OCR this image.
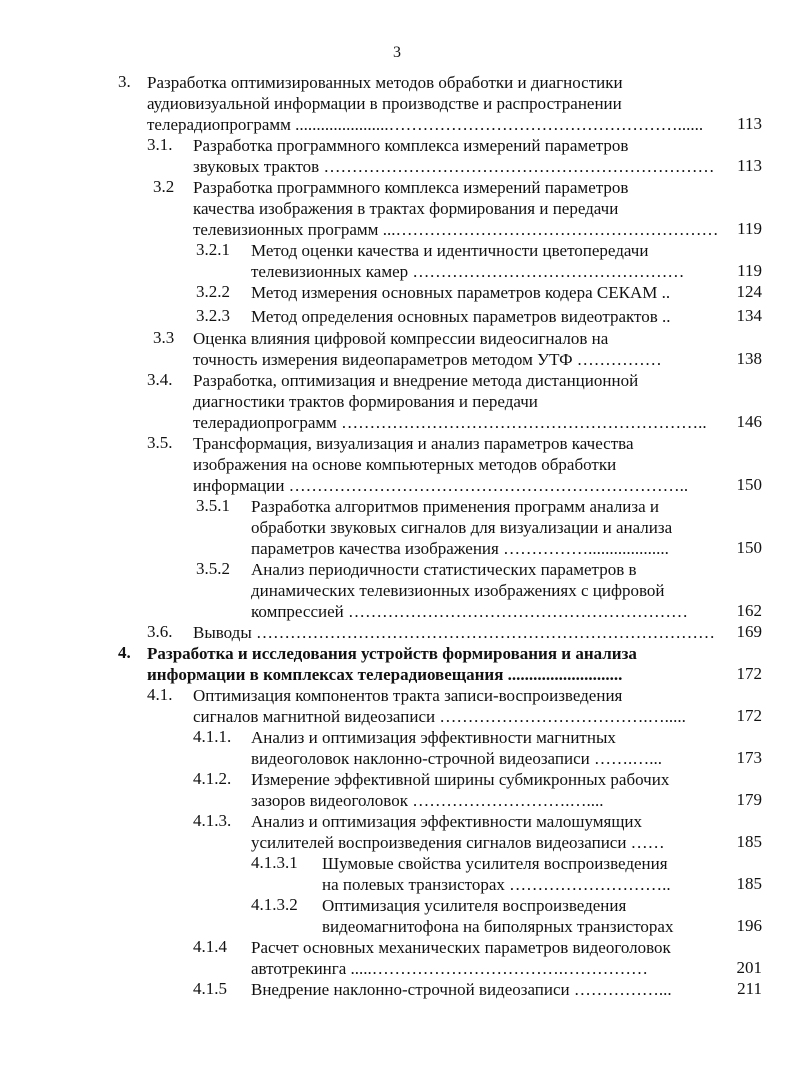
3
3. Разработка оптимизированных методов обработки и диагностики
аудиовизуальной информации в производстве и распространении
телерадиопрограмм ......................……………………………………………...... 113
3.1. Разработка программного комплекса измерений параметров
звуковых трактов …………………………………………………………… 113
3.2 Разработка программного комплекса измерений параметров
качества изображения в трактах формирования и передачи
телевизионных программ ...………………………………………………… 119
3.2.1 Метод оценки качества и идентичности цветопередачи
телевизионных камер …………………………………………	119
3.2.2 Метод измерения основных параметров кодера СЕКАМ ..	124
3.2.3 Метод определения основных параметров видеотрактов ..	134
3.3 Оценка влияния цифровой компрессии видеосигналов на
точность измерения видеопараметров методом УТФ ……………	138
3.4. Разработка, оптимизация и внедрение метода дистанционной
диагностики трактов формирования и передачи
телерадиопрограмм ……………………………………………………….. 146
3.5. Трансформация, визуализация и анализ параметров качества
изображения на основе компьютерных методов обработки
информации ……………………………………………………………..	150
3.5.1 Разработка алгоритмов применения программ анализа и
обработки звуковых сигналов для визуализации и анализа
параметров качества изображения ……………...................	150
3.5.2 Анализ периодичности статистических параметров в
динамических телевизионных изображениях с цифровой
компрессией ……………………………………………………	162
3.6. Выводы ……………………………………………………………………… 169
4. Разработка и исследования устройств формирования и анализа
информации в комплексах телерадиовещания ...........................	172
4.1. Оптимизация компонентов тракта записи-воспроизведения
сигналов магнитной видеозаписи ……………………………….….....	172
4.1.1. Анализ и оптимизация эффективности магнитных
видеоголовок наклонно-строчной видеозаписи …….…...	173
4.1.2. Измерение эффективной ширины субмикронных рабочих
зазоров видеоголовок ……………………….…....	179
4.1.3. Анализ и оптимизация эффективности малошумящих
усилителей воспроизведения сигналов видеозаписи ……	185
4.1.3.1 Шумовые свойства усилителя воспроизведения
на полевых транзисторах ………………………..	185
4.1.3.2 Оптимизация усилителя воспроизведения
видеомагнитофона на биполярных транзисторах	196
4.1.4 Расчет основных механических параметров видеоголовок
автотрекинга .....…………………………….……………	201
4.1.5 Внедрение наклонно-строчной видеозаписи ……………...	211
